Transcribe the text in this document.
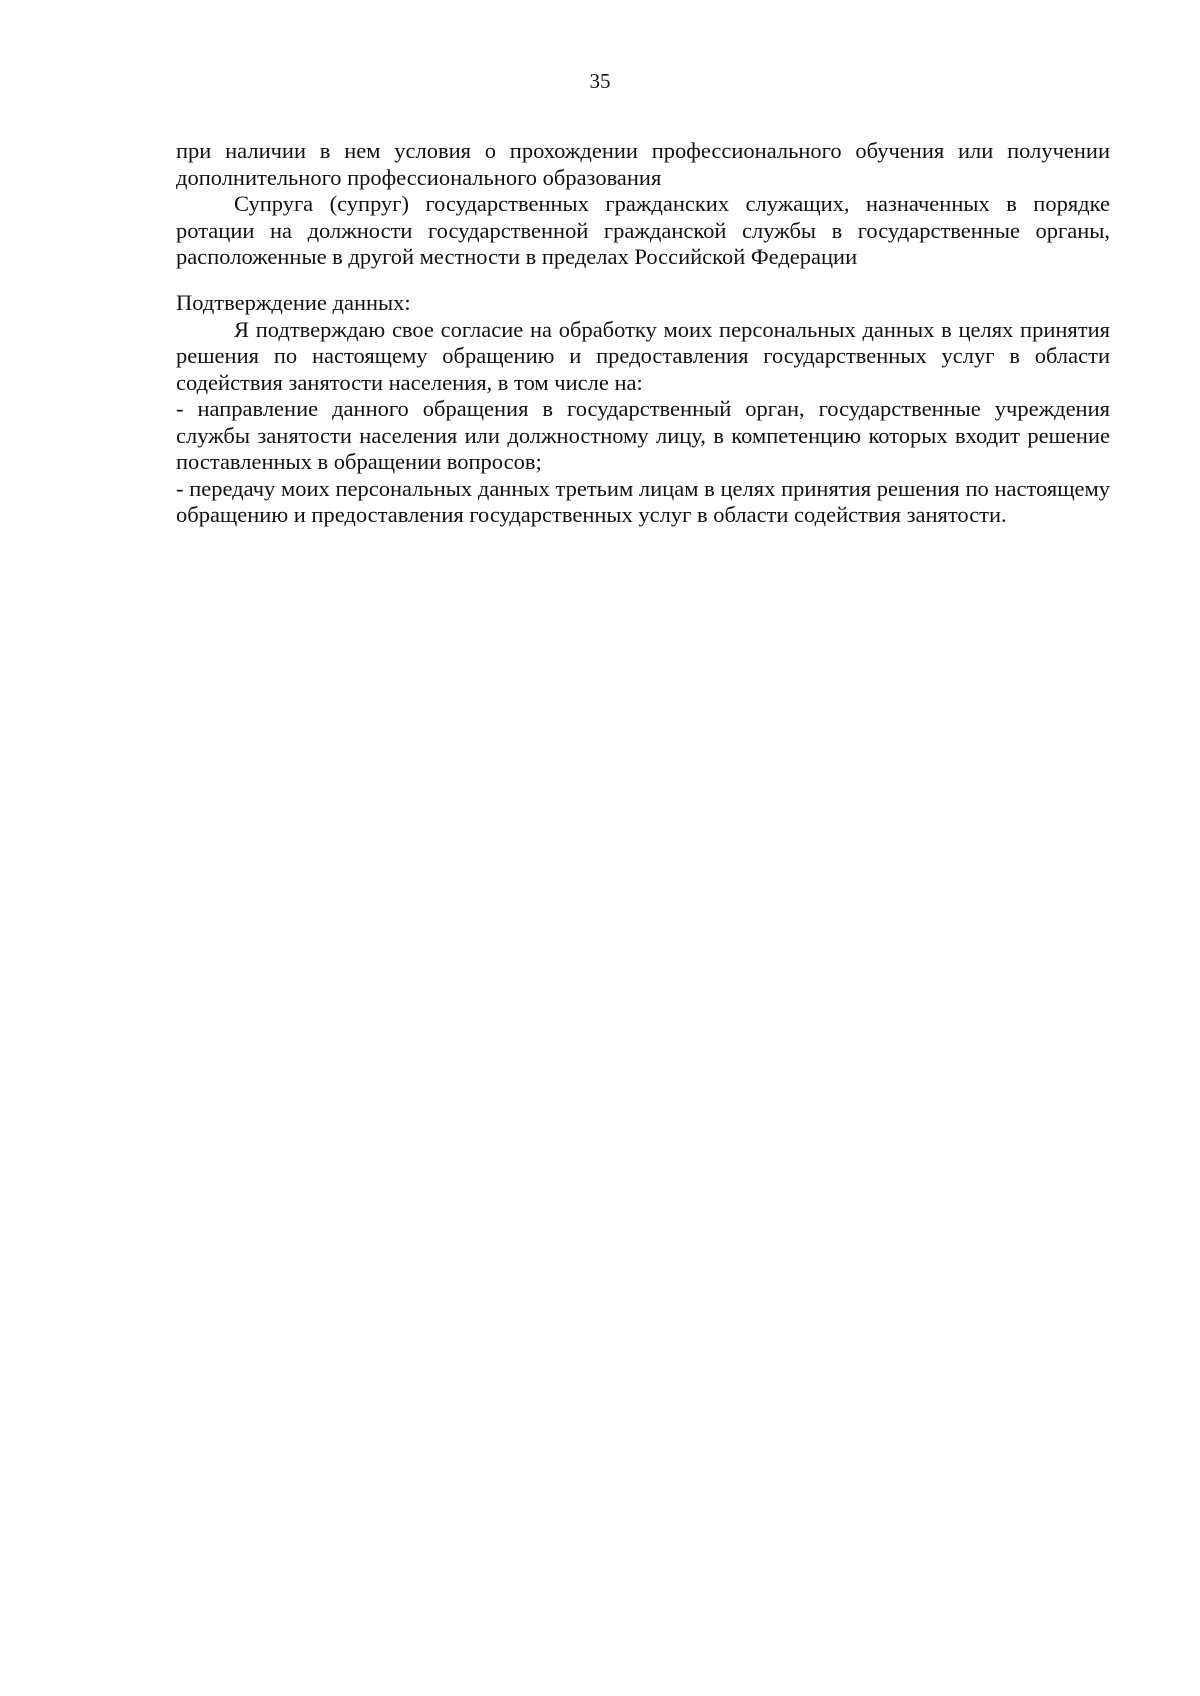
35

при наличии в нем условия о прохождении профессионального обучения или получении дополнительного профессионального образования

Супруга (супруг) государственных гражданских служащих, назначенных в порядке ротации на должности государственной гражданской службы в государственные органы, расположенные в другой местности в пределах Российской Федерации

Подтверждение данных:

Я подтверждаю свое согласие на обработку моих персональных данных в целях принятия решения по настоящему обращению и предоставления государственных услуг в области содействия занятости населения, в том числе на:

- направление данного обращения в государственный орган, государственные учреждения службы занятости населения или должностному лицу, в компетенцию которых входит решение поставленных в обращении вопросов;

- передачу моих персональных данных третьим лицам в целях принятия решения по настоящему обращению и предоставления государственных услуг в области содействия занятости.
